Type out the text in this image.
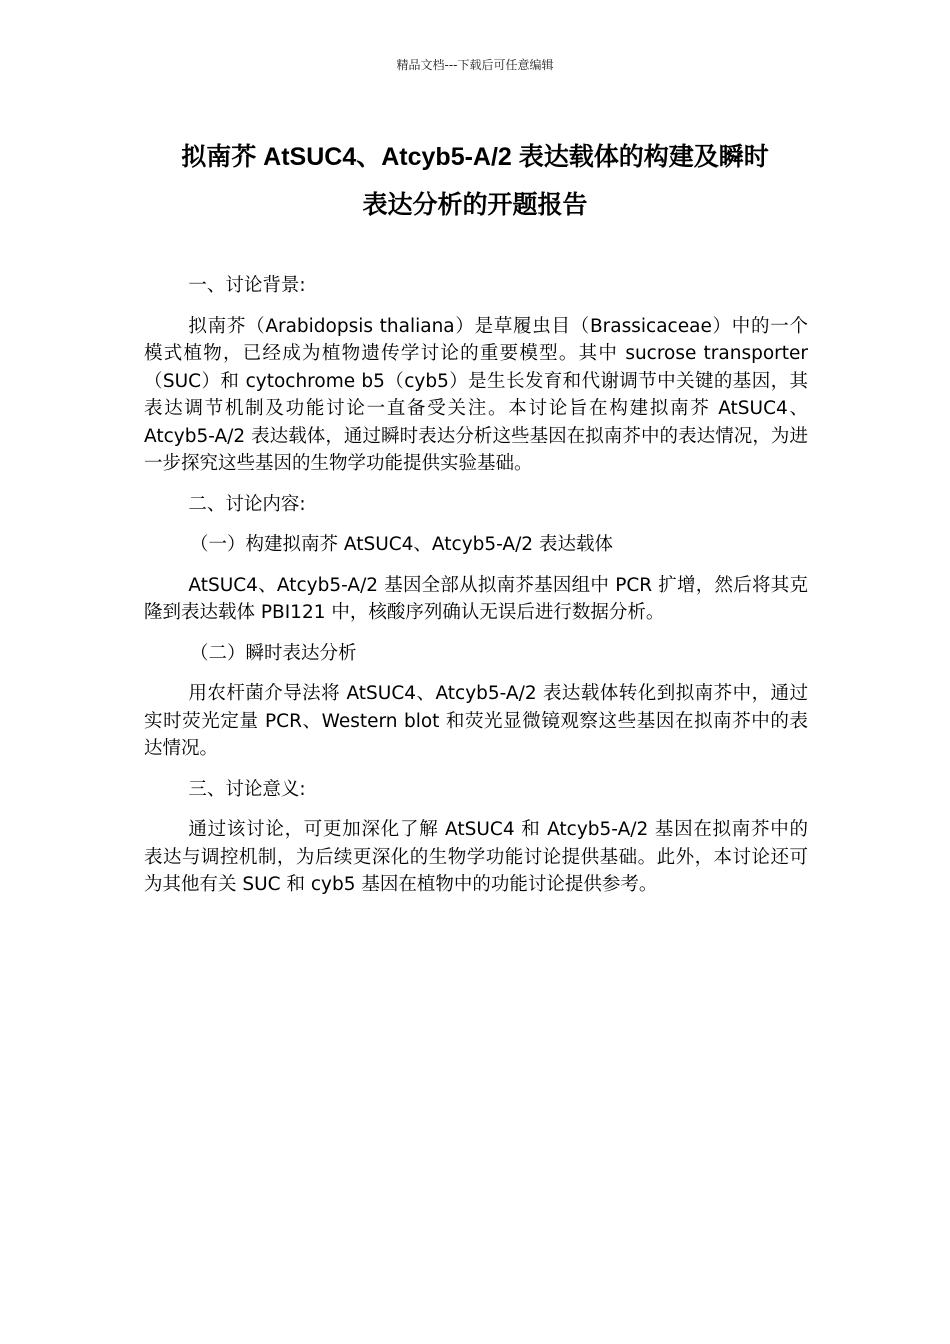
精品文档---下载后可任意编辑
拟南芥 AtSUC4、Atcyb5-A/2 表达载体的构建及瞬时
表达分析的开题报告

一、讨论背景:

拟南芥（Arabidopsis thaliana）是草履虫目（Brassicaceae）中的一个模式植物，已经成为植物遗传学讨论的重要模型。其中 sucrose transporter（SUC）和 cytochrome b5（cyb5）是生长发育和代谢调节中关键的基因，其表达调节机制及功能讨论一直备受关注。本讨论旨在构建拟南芥 AtSUC4、Atcyb5-A/2 表达载体，通过瞬时表达分析这些基因在拟南芥中的表达情况，为进一步探究这些基因的生物学功能提供实验基础。

二、讨论内容:

（一）构建拟南芥 AtSUC4、Atcyb5-A/2 表达载体

AtSUC4、Atcyb5-A/2 基因全部从拟南芥基因组中 PCR 扩增，然后将其克隆到表达载体 PBI121 中，核酸序列确认无误后进行数据分析。

（二）瞬时表达分析

用农杆菌介导法将 AtSUC4、Atcyb5-A/2 表达载体转化到拟南芥中，通过实时荧光定量 PCR、Western blot 和荧光显微镜观察这些基因在拟南芥中的表达情况。

三、讨论意义:

通过该讨论，可更加深化了解 AtSUC4 和 Atcyb5-A/2 基因在拟南芥中的表达与调控机制，为后续更深化的生物学功能讨论提供基础。此外，本讨论还可为其他有关 SUC 和 cyb5 基因在植物中的功能讨论提供参考。
